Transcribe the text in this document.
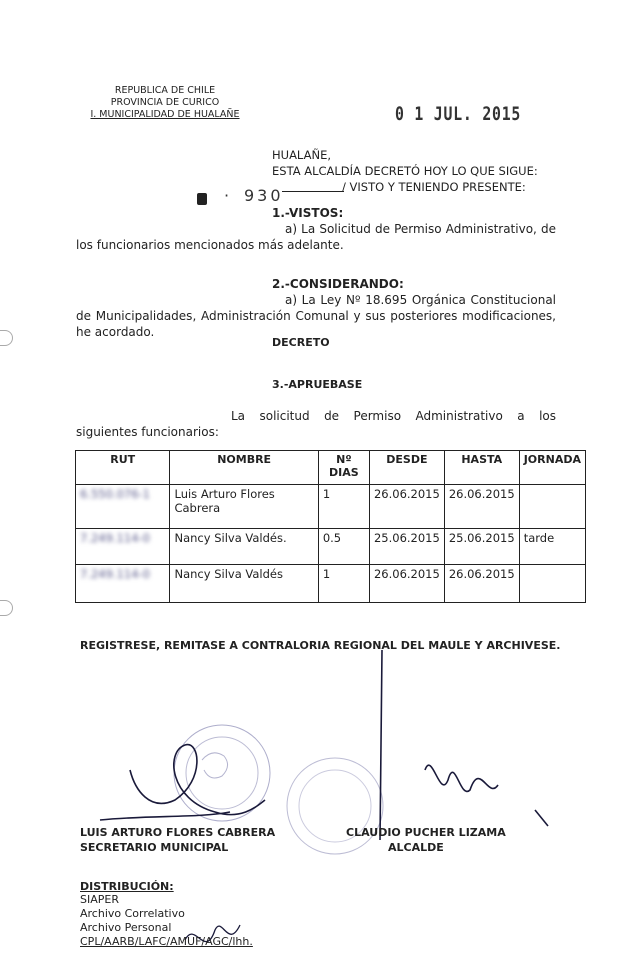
REPUBLICA DE CHILE
PROVINCIA DE CURICO
I. MUNICIPALIDAD DE HUALAÑE	0 1 JUL. 2015
HUALAÑE,
ESTA ALCALDÍA DECRETÓ HOY LO QUE SIGUE:
/ VISTO Y TENIENDO PRESENTE:
· 930
1.-VISTOS:
a) La Solicitud de Permiso Administrativo, de los funcionarios mencionados más adelante.
2.-CONSIDERANDO:
a) La Ley Nº 18.695 Orgánica Constitucional de Municipalidades, Administración Comunal y sus posteriores modificaciones, he acordado.
DECRETO
3.-APRUEBASE
La solicitud de Permiso Administrativo a los siguientes funcionarios:
RUT	NOMBRE	Nº DIAS	DESDE	HASTA	JORNADA
6.550.076-1	Luis Arturo Flores Cabrera	1	26.06.2015	26.06.2015	
7.249.114-0	Nancy Silva Valdés.	0.5	25.06.2015	25.06.2015	tarde
7.249.114-0	Nancy Silva Valdés	1	26.06.2015	26.06.2015	
REGISTRESE, REMITASE A CONTRALORIA REGIONAL DEL MAULE Y ARCHIVESE.
LUIS ARTURO FLORES CABRERA
SECRETARIO MUNICIPAL
CLAUDIO PUCHER LIZAMA
ALCALDE
DISTRIBUCIÓN:
SIAPER
Archivo Correlativo
Archivo Personal
CPL/AARB/LAFC/AMUF/AGC/lhh.
